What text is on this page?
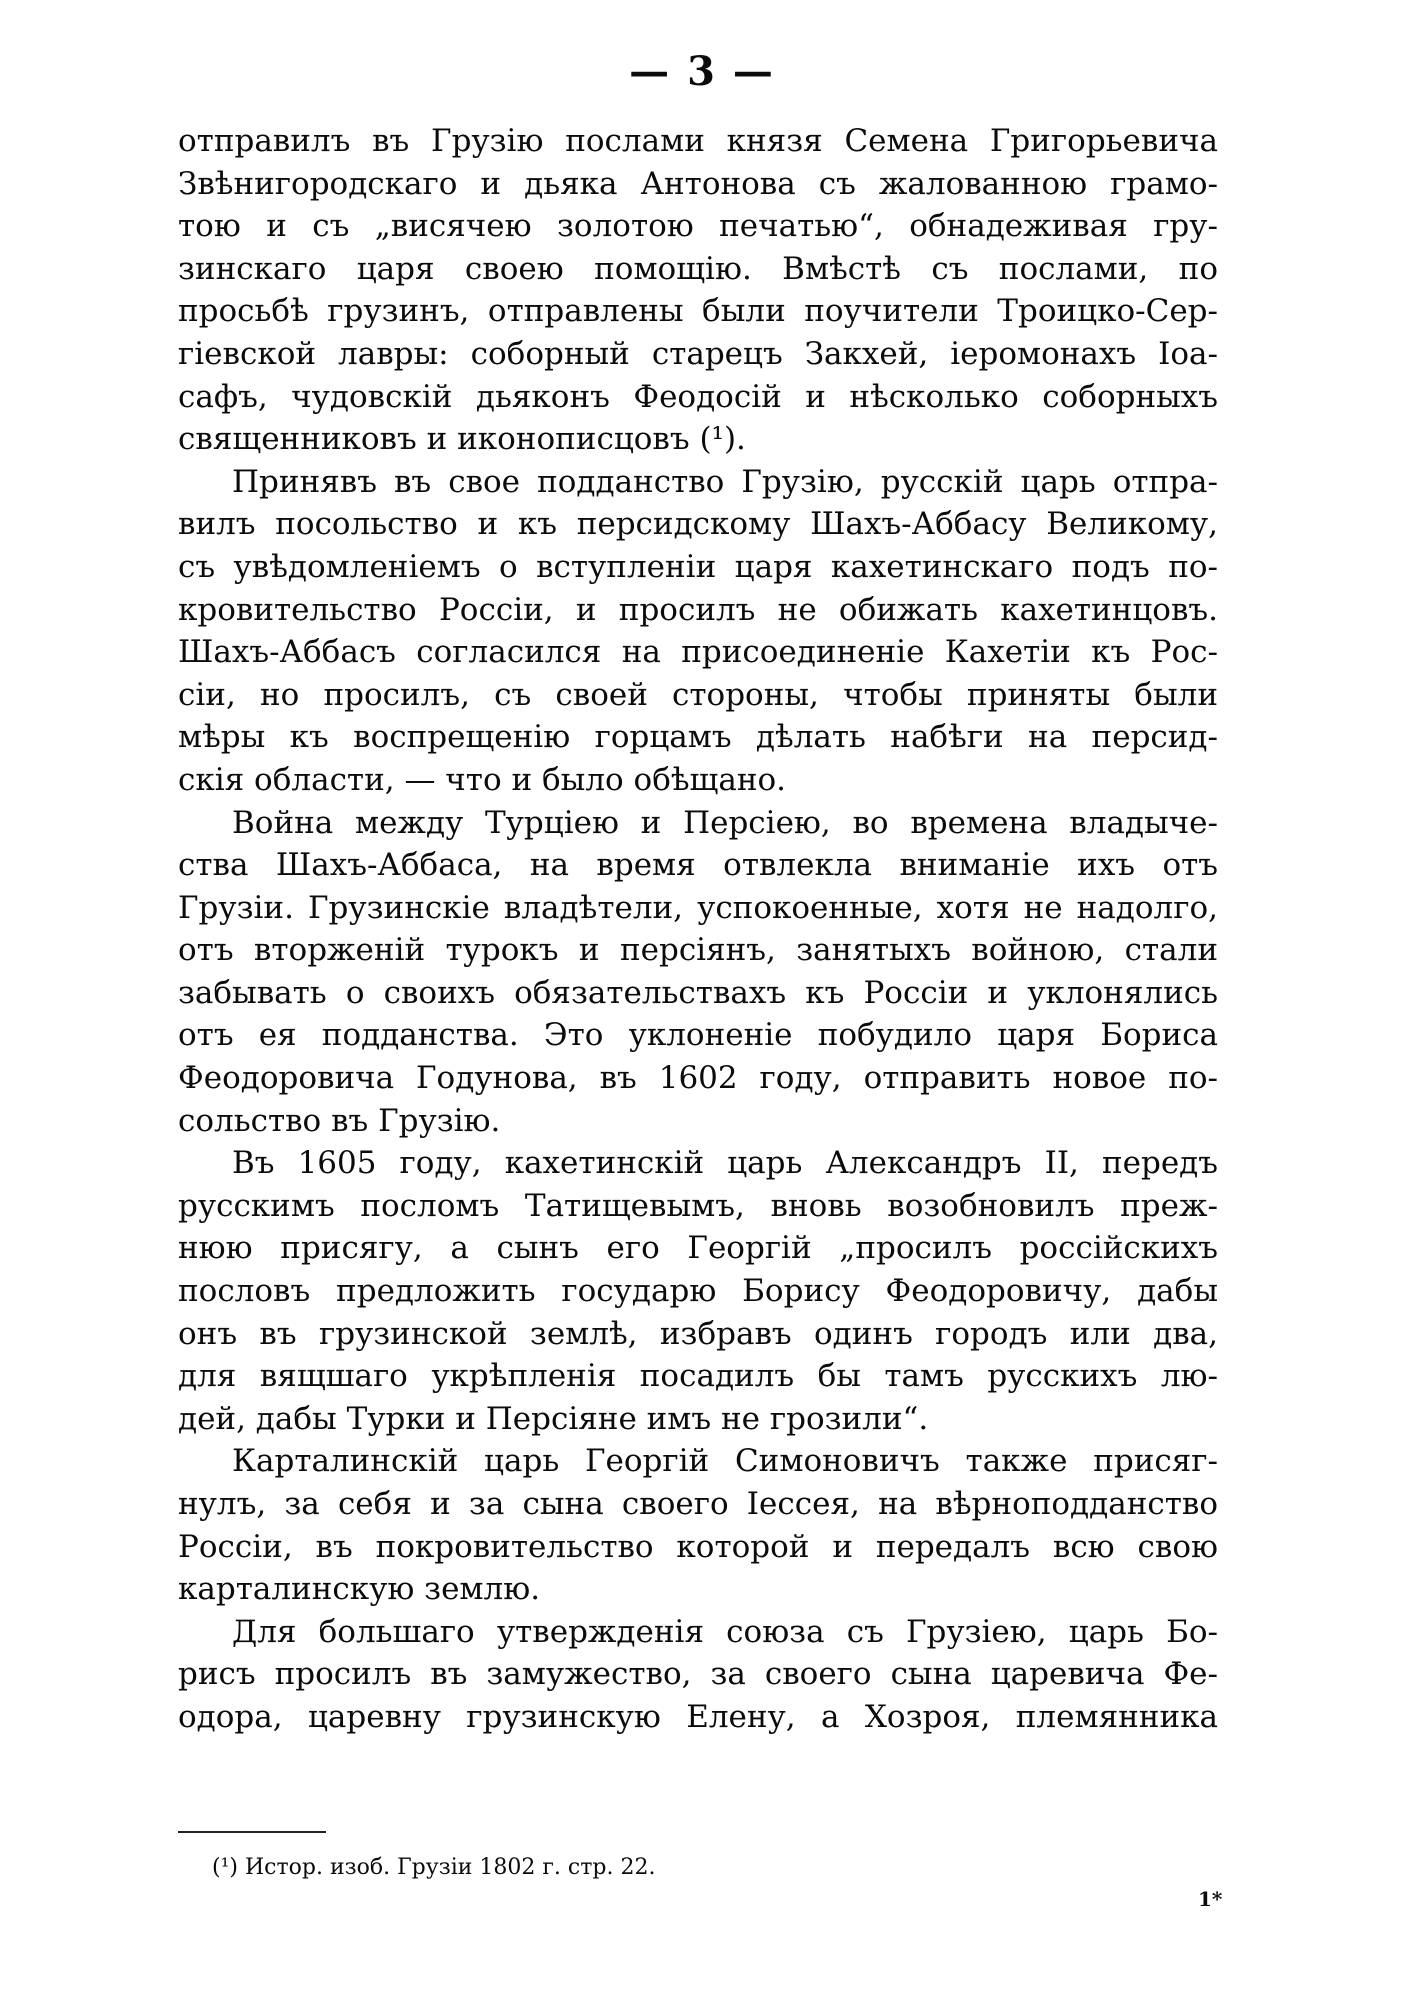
— 3 —
отправилъ въ Грузію послами князя Семена Григорьевича
Звѣнигородскаго и дьяка Антонова съ жалованною грамо-
тою и съ „висячею золотою печатью“, обнадеживая гру-
зинскаго царя своею помощію. Вмѣстѣ съ послами, по
просьбѣ грузинъ, отправлены были поучители Троицко-Сер-
гіевской лавры: соборный старецъ Закхей, іеромонахъ Іоа-
сафъ, чудовскій дьяконъ Феодосій и нѣсколько соборныхъ
священниковъ и иконописцовъ (¹).
Принявъ въ свое подданство Грузію, русскій царь отпра-
вилъ посольство и къ персидскому Шахъ-Аббасу Великому,
съ увѣдомленіемъ о вступленіи царя кахетинскаго подъ по-
кровительство Россіи, и просилъ не обижать кахетинцовъ.
Шахъ-Аббасъ согласился на присоединеніе Кахетіи къ Рос-
сіи, но просилъ, съ своей стороны, чтобы приняты были
мѣры къ воспрещенію горцамъ дѣлать набѣги на персид-
скія области, — что и было обѣщано.
Война между Турціею и Персіею, во времена владыче-
ства Шахъ-Аббаса, на время отвлекла вниманіе ихъ отъ
Грузіи. Грузинскіе владѣтели, успокоенные, хотя не надолго,
отъ вторженій турокъ и персіянъ, занятыхъ войною, стали
забывать о своихъ обязательствахъ къ Россіи и уклонялись
отъ ея подданства. Это уклоненіе побудило царя Бориса
Феодоровича Годунова, въ 1602 году, отправить новое по-
сольство въ Грузію.
Въ 1605 году, кахетинскій царь Александръ II, передъ
русскимъ посломъ Татищевымъ, вновь возобновилъ преж-
нюю присягу, а сынъ его Георгій „просилъ россійскихъ
пословъ предложить государю Борису Феодоровичу, дабы
онъ въ грузинской землѣ, избравъ одинъ городъ или два,
для вящшаго укрѣпленія посадилъ бы тамъ русскихъ лю-
дей, дабы Турки и Персіяне имъ не грозили“.
Карталинскій царь Георгій Симоновичъ также присяг-
нулъ, за себя и за сына своего Іессея, на вѣрноподданство
Россіи, въ покровительство которой и передалъ всю свою
карталинскую землю.
Для большаго утвержденія союза съ Грузіею, царь Бо-
рисъ просилъ въ замужество, за своего сына царевича Фе-
одора, царевну грузинскую Елену, а Хозроя, племянника
(¹) Истор. изоб. Грузіи 1802 г. стр. 22.
1*
